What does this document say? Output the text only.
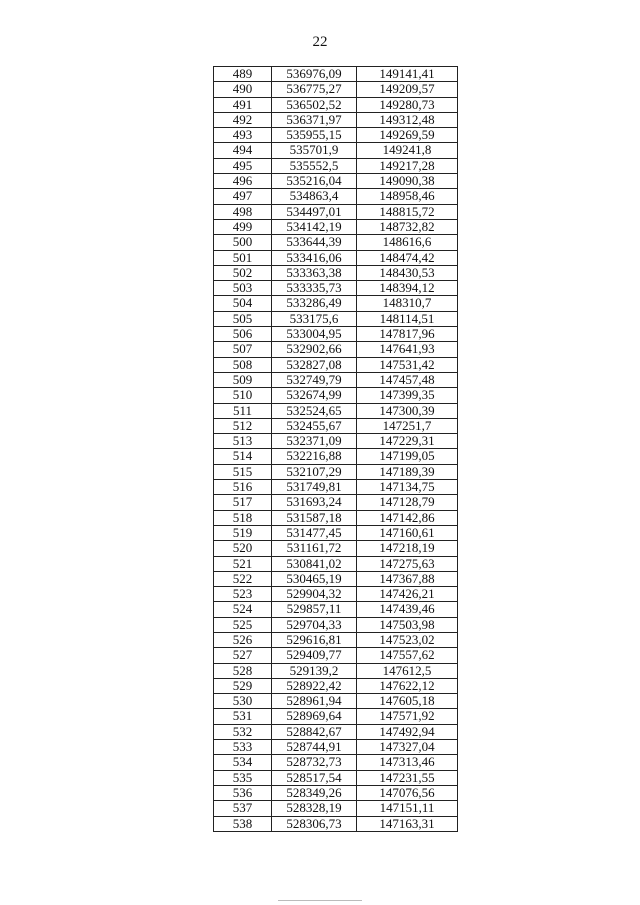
22
489	536976,09	149141,41
490	536775,27	149209,57
491	536502,52	149280,73
492	536371,97	149312,48
493	535955,15	149269,59
494	535701,9	149241,8
495	535552,5	149217,28
496	535216,04	149090,38
497	534863,4	148958,46
498	534497,01	148815,72
499	534142,19	148732,82
500	533644,39	148616,6
501	533416,06	148474,42
502	533363,38	148430,53
503	533335,73	148394,12
504	533286,49	148310,7
505	533175,6	148114,51
506	533004,95	147817,96
507	532902,66	147641,93
508	532827,08	147531,42
509	532749,79	147457,48
510	532674,99	147399,35
511	532524,65	147300,39
512	532455,67	147251,7
513	532371,09	147229,31
514	532216,88	147199,05
515	532107,29	147189,39
516	531749,81	147134,75
517	531693,24	147128,79
518	531587,18	147142,86
519	531477,45	147160,61
520	531161,72	147218,19
521	530841,02	147275,63
522	530465,19	147367,88
523	529904,32	147426,21
524	529857,11	147439,46
525	529704,33	147503,98
526	529616,81	147523,02
527	529409,77	147557,62
528	529139,2	147612,5
529	528922,42	147622,12
530	528961,94	147605,18
531	528969,64	147571,92
532	528842,67	147492,94
533	528744,91	147327,04
534	528732,73	147313,46
535	528517,54	147231,55
536	528349,26	147076,56
537	528328,19	147151,11
538	528306,73	147163,31
